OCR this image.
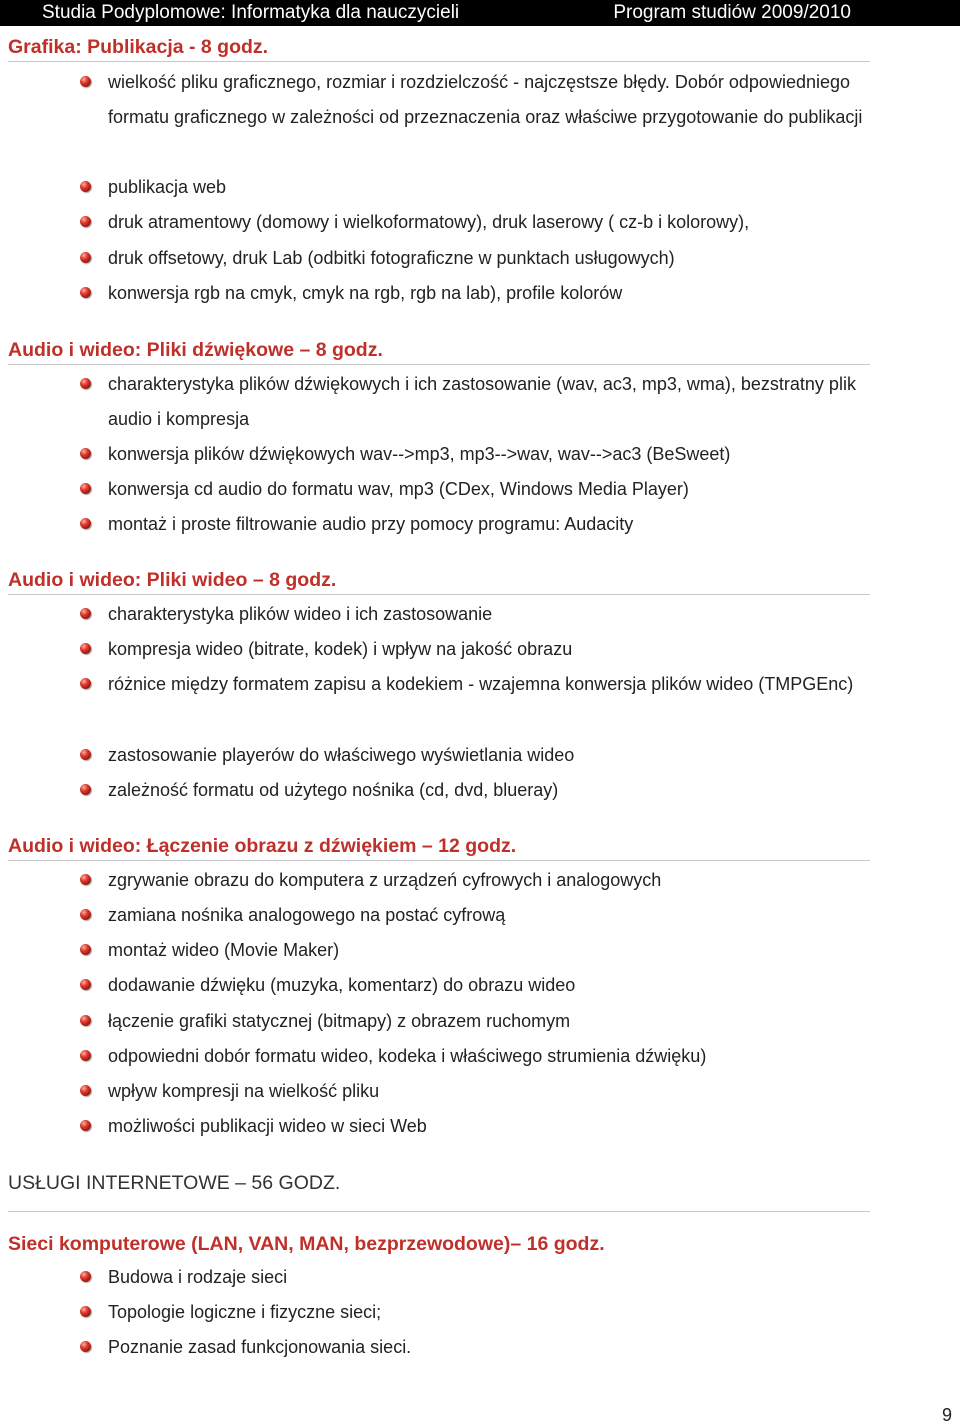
Studia Podyplomowe: Informatyka dla nauczycieli	Program studiów 2009/2010
Grafika: Publikacja - 8 godz.
wielkość pliku graficznego, rozmiar i rozdzielczość - najczęstsze błędy. Dobór odpowiedniego formatu graficznego w zależności od przeznaczenia oraz właściwe przygotowanie do publikacji
publikacja web
druk atramentowy (domowy i wielkoformatowy), druk laserowy ( cz-b i kolorowy),
druk offsetowy, druk Lab (odbitki fotograficzne w punktach usługowych)
konwersja rgb na cmyk, cmyk na rgb, rgb na lab), profile kolorów
Audio i wideo: Pliki dźwiękowe – 8 godz.
charakterystyka plików dźwiękowych i ich zastosowanie (wav, ac3, mp3, wma), bezstratny plik audio i kompresja
konwersja plików dźwiękowych wav-->mp3, mp3-->wav, wav-->ac3 (BeSweet)
konwersja cd audio do formatu wav, mp3 (CDex, Windows Media Player)
montaż i proste filtrowanie audio przy pomocy programu: Audacity
Audio i wideo: Pliki wideo – 8 godz.
charakterystyka plików wideo i ich zastosowanie
kompresja wideo (bitrate, kodek) i wpływ na jakość obrazu
różnice między formatem zapisu a kodekiem - wzajemna konwersja plików wideo (TMPGEnc)
zastosowanie playerów do właściwego wyświetlania wideo
zależność formatu od użytego nośnika (cd, dvd, blueray)
Audio i wideo: Łączenie obrazu z dźwiękiem – 12 godz.
zgrywanie obrazu do komputera z urządzeń cyfrowych i analogowych
zamiana nośnika analogowego na postać cyfrową
montaż wideo (Movie Maker)
dodawanie dźwięku (muzyka, komentarz) do obrazu wideo
łączenie grafiki statycznej (bitmapy) z obrazem ruchomym
odpowiedni dobór formatu wideo, kodeka i właściwego strumienia dźwięku)
wpływ kompresji na wielkość pliku
możliwości publikacji wideo w sieci Web
USŁUGI INTERNETOWE – 56 GODZ.
Sieci komputerowe (LAN, VAN, MAN, bezprzewodowe)– 16 godz.
Budowa i rodzaje sieci
Topologie logiczne i fizyczne sieci;
Poznanie zasad funkcjonowania sieci.
9
